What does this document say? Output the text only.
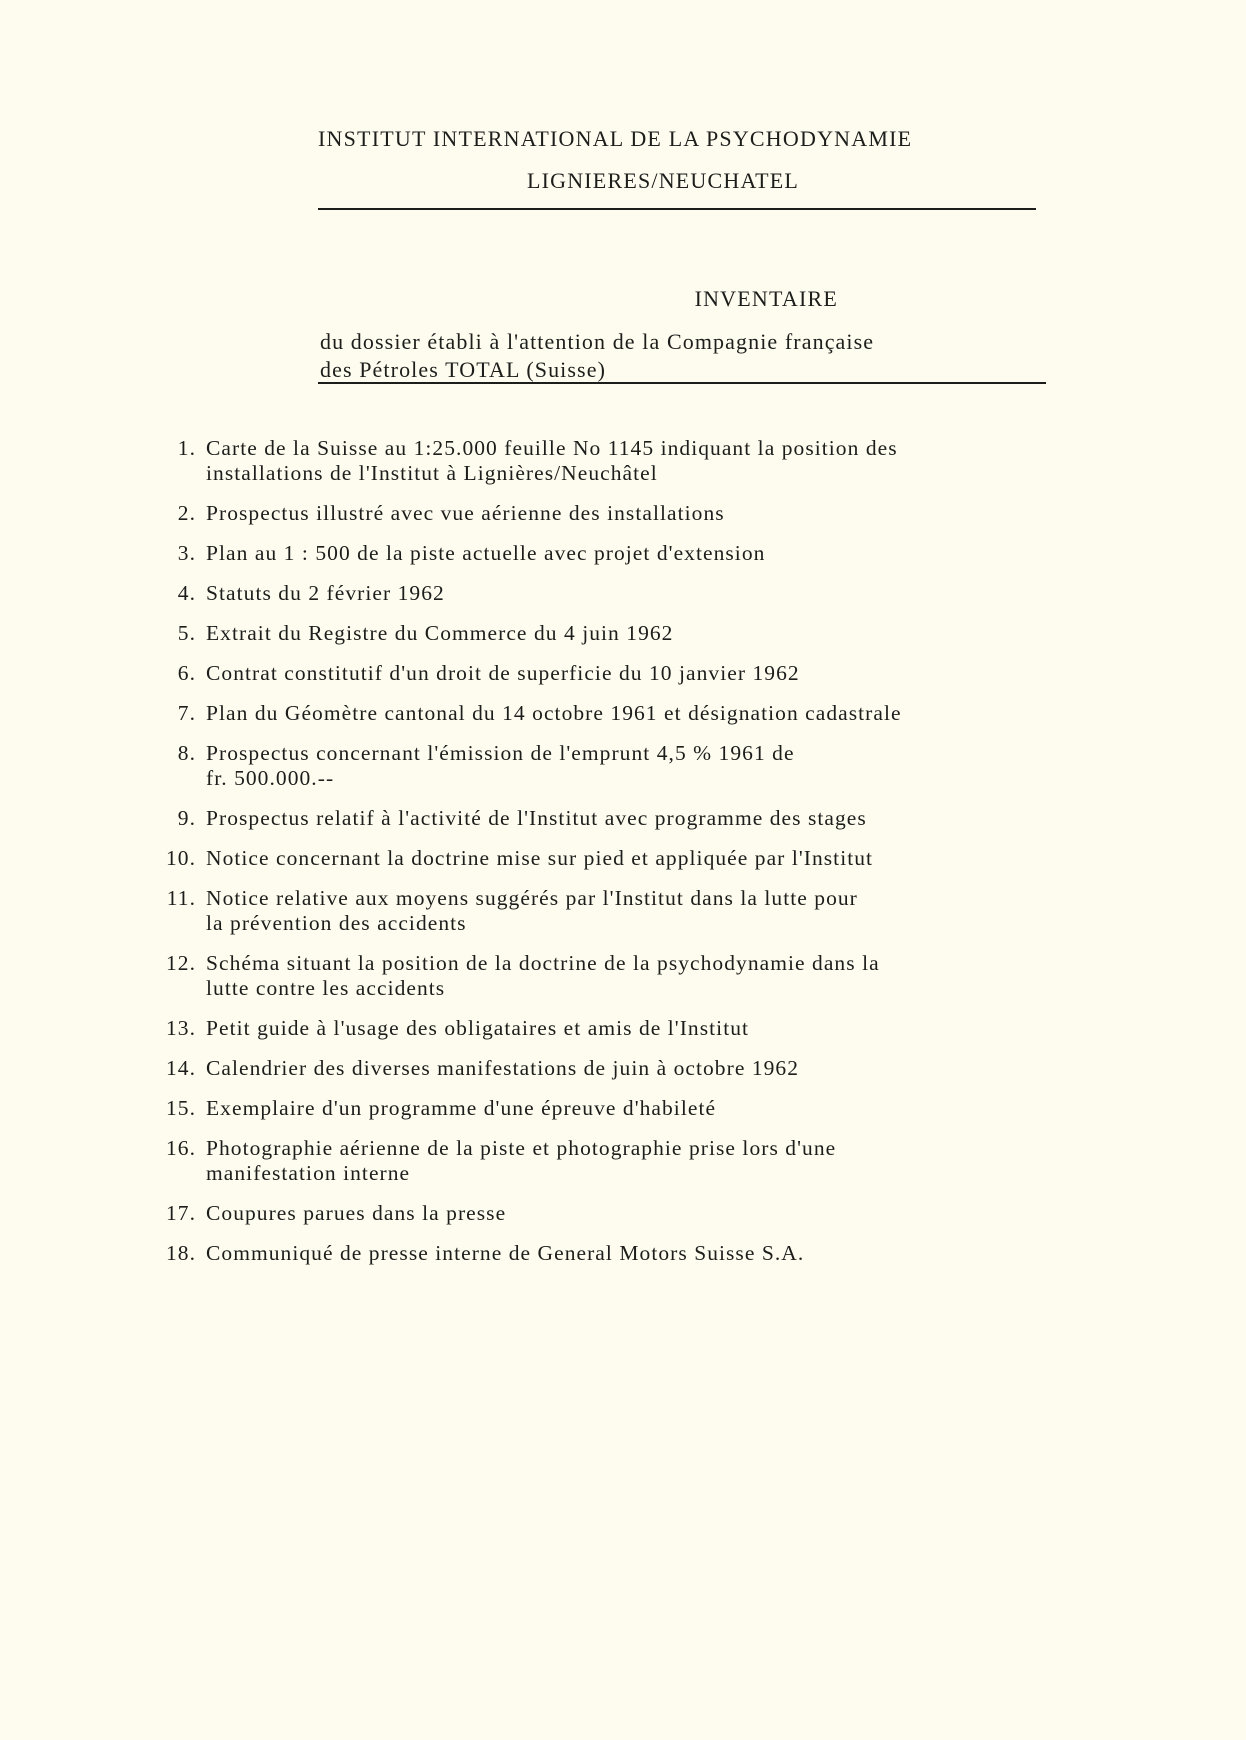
INSTITUT INTERNATIONAL DE LA PSYCHODYNAMIE
LIGNIERES/NEUCHATEL
INVENTAIRE
du dossier établi à l'attention de la Compagnie française
des Pétroles TOTAL (Suisse)
1. Carte de la Suisse au 1:25.000 feuille No 1145 indiquant la position des
installations de l'Institut à Lignières/Neuchâtel
2. Prospectus illustré avec vue aérienne des installations
3. Plan au 1 : 500 de la piste actuelle avec projet d'extension
4. Statuts du 2 février 1962
5. Extrait du Registre du Commerce du 4 juin 1962
6. Contrat constitutif d'un droit de superficie du 10 janvier 1962
7. Plan du Géomètre cantonal du 14 octobre 1961 et désignation cadastrale
8. Prospectus concernant l'émission de l'emprunt 4,5 % 1961 de
fr. 500.000.--
9. Prospectus relatif à l'activité de l'Institut avec programme des stages
10. Notice concernant la doctrine mise sur pied et appliquée par l'Institut
11. Notice relative aux moyens suggérés par l'Institut dans la lutte pour
la prévention des accidents
12. Schéma situant la position de la doctrine de la psychodynamie dans la
lutte contre les accidents
13. Petit guide à l'usage des obligataires et amis de l'Institut
14. Calendrier des diverses manifestations de juin à octobre 1962
15. Exemplaire d'un programme d'une épreuve d'habileté
16. Photographie aérienne de la piste et photographie prise lors d'une
manifestation interne
17. Coupures parues dans la presse
18. Communiqué de presse interne de General Motors Suisse S.A.
